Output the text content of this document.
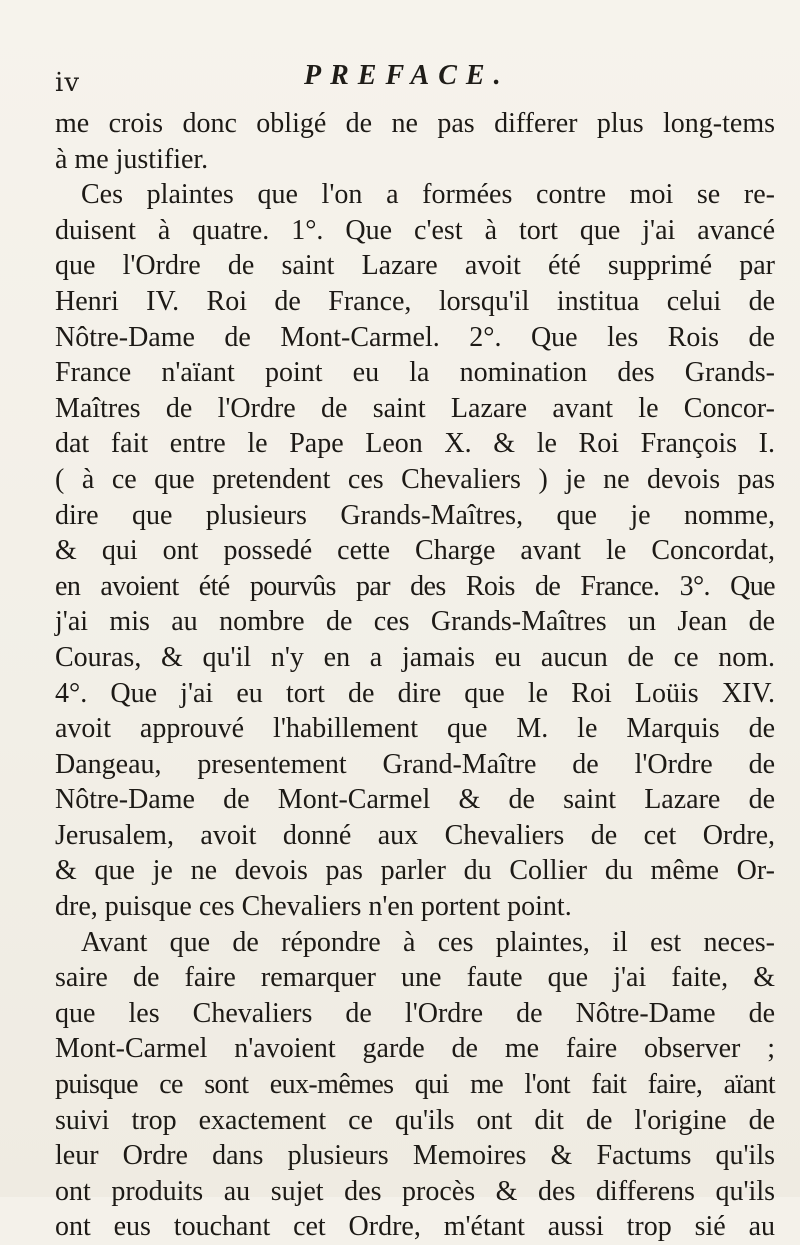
iv	PREFACE.
me crois donc obligé de ne pas differer plus long-tems
à me justifier.
Ces plaintes que l'on a formées contre moi se re-
duisent à quatre. 1°. Que c'est à tort que j'ai avancé
que l'Ordre de saint Lazare avoit été supprimé par
Henri IV. Roi de France, lorsqu'il institua celui de
Nôtre-Dame de Mont-Carmel. 2°. Que les Rois de
France n'aïant point eu la nomination des Grands-
Maîtres de l'Ordre de saint Lazare avant le Concor-
dat fait entre le Pape Leon X. & le Roi François I.
( à ce que pretendent ces Chevaliers ) je ne devois pas
dire que plusieurs Grands-Maîtres, que je nomme,
& qui ont possedé cette Charge avant le Concordat,
en avoient été pourvûs par des Rois de France. 3°. Que
j'ai mis au nombre de ces Grands-Maîtres un Jean de
Couras, & qu'il n'y en a jamais eu aucun de ce nom.
4°. Que j'ai eu tort de dire que le Roi Loüis XIV.
avoit approuvé l'habillement que M. le Marquis de
Dangeau, presentement Grand-Maître de l'Ordre de
Nôtre-Dame de Mont-Carmel & de saint Lazare de
Jerusalem, avoit donné aux Chevaliers de cet Ordre,
& que je ne devois pas parler du Collier du même Or-
dre, puisque ces Chevaliers n'en portent point.
Avant que de répondre à ces plaintes, il est neces-
saire de faire remarquer une faute que j'ai faite, &
que les Chevaliers de l'Ordre de Nôtre-Dame de
Mont-Carmel n'avoient garde de me faire observer ;
puisque ce sont eux-mêmes qui me l'ont fait faire, aïant
suivi trop exactement ce qu'ils ont dit de l'origine de
leur Ordre dans plusieurs Memoires & Factums qu'ils
ont produits au sujet des procès & des differens qu'ils
ont eus touchant cet Ordre, m'étant aussi trop sié au
